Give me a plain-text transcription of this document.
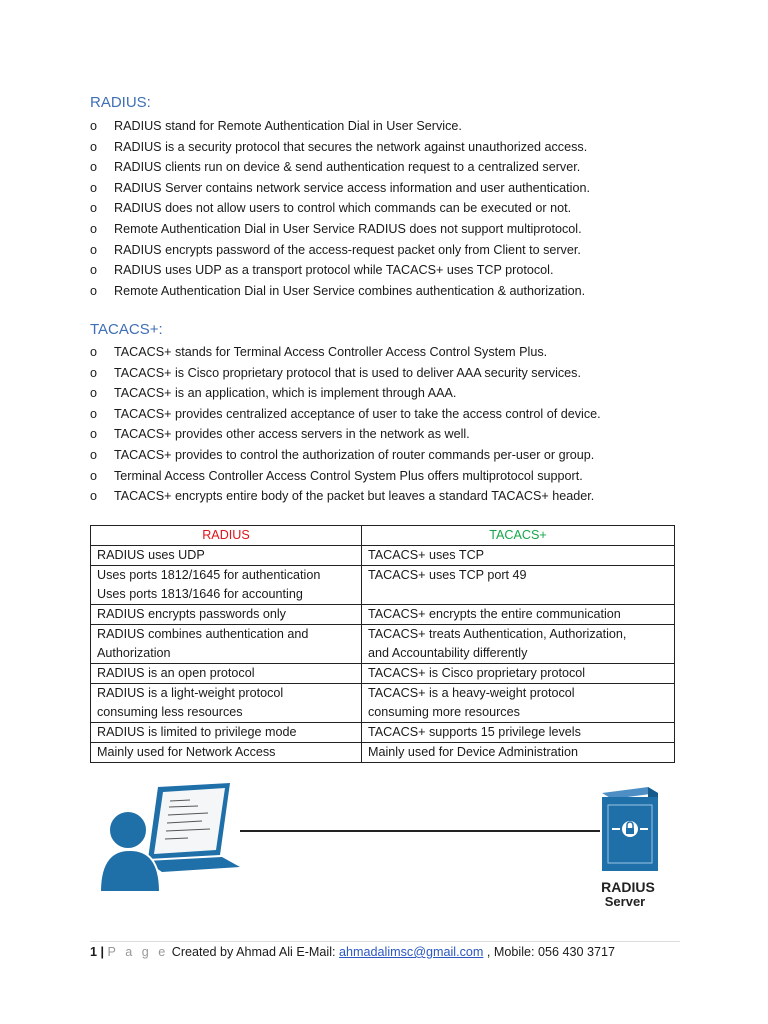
RADIUS:
o RADIUS stand for Remote Authentication Dial in User Service.
o RADIUS is a security protocol that secures the network against unauthorized access.
o RADIUS clients run on device & send authentication request to a centralized server.
o RADIUS Server contains network service access information and user authentication.
o RADIUS does not allow users to control which commands can be executed or not.
o Remote Authentication Dial in User Service RADIUS does not support multiprotocol.
o RADIUS encrypts password of the access-request packet only from Client to server.
o RADIUS uses UDP as a transport protocol while TACACS+ uses TCP protocol.
o Remote Authentication Dial in User Service combines authentication & authorization.
TACACS+:
o TACACS+ stands for Terminal Access Controller Access Control System Plus.
o TACACS+ is Cisco proprietary protocol that is used to deliver AAA security services.
o TACACS+ is an application, which is implement through AAA.
o TACACS+ provides centralized acceptance of user to take the access control of device.
o TACACS+ provides other access servers in the network as well.
o TACACS+ provides to control the authorization of router commands per-user or group.
o Terminal Access Controller Access Control System Plus offers multiprotocol support.
o TACACS+ encrypts entire body of the packet but leaves a standard TACACS+ header.
RADIUS	TACACS+
RADIUS uses UDP	TACACS+ uses TCP
Uses ports 1812/1645 for authentication
Uses ports 1813/1646 for accounting	TACACS+ uses TCP port 49

RADIUS encrypts passwords only	TACACS+ encrypts the entire communication
RADIUS combines authentication and
Authorization	TACACS+ treats Authentication, Authorization,
and Accountability differently
RADIUS is an open protocol	TACACS+ is Cisco proprietary protocol
RADIUS is a light-weight protocol
consuming less resources	TACACS+ is a heavy-weight protocol
consuming more resources
RADIUS is limited to privilege mode	TACACS+ supports 15 privilege levels
Mainly used for Network Access	Mainly used for Device Administration
RADIUS
Server
1 | P a g e Created by Ahmad Ali E-Mail: ahmadalimsc@gmail.com , Mobile: 056 430 3717
